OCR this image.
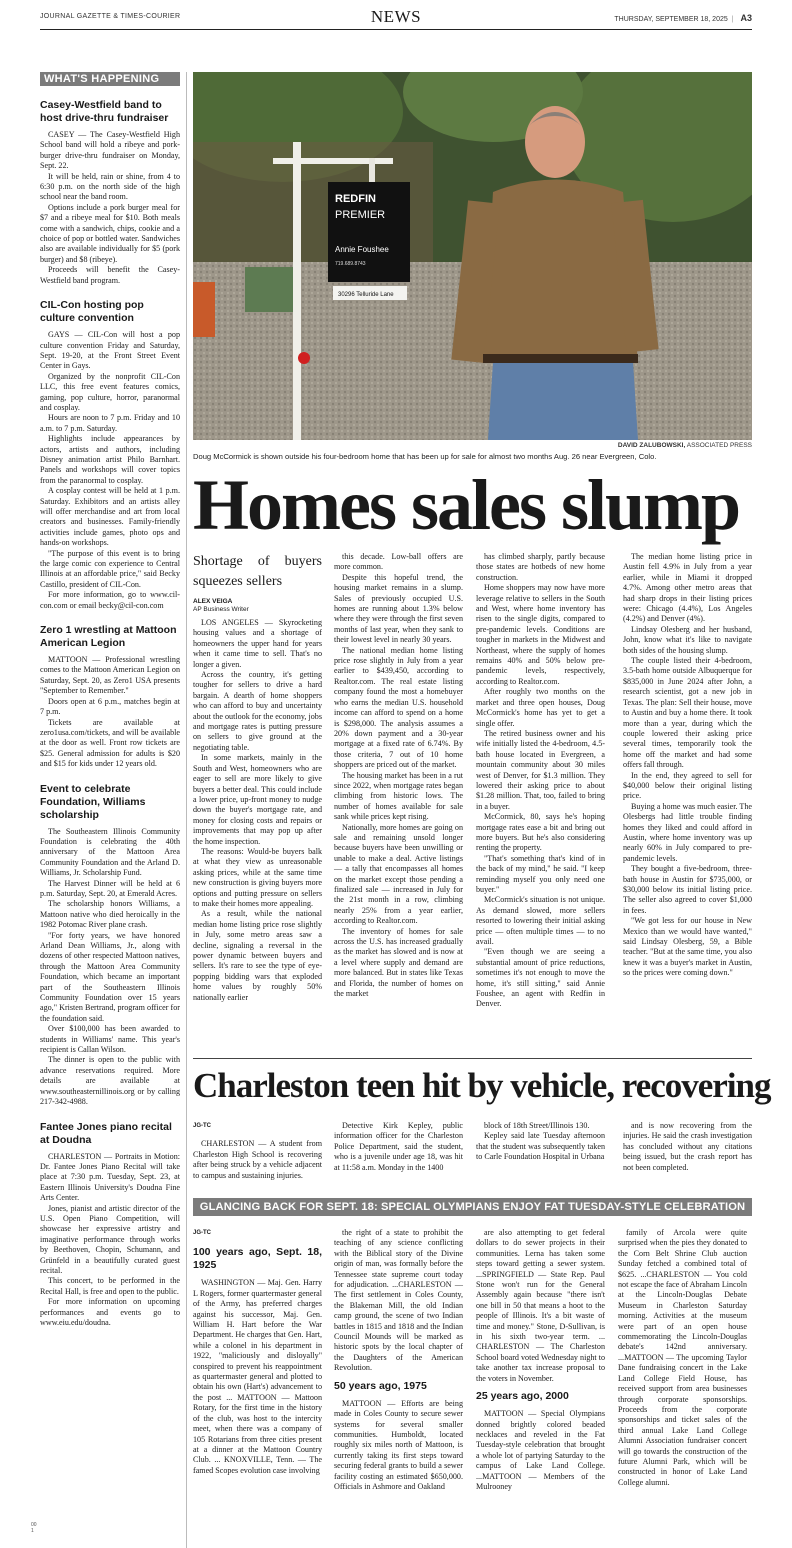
JOURNAL GAZETTE & TIMES-COURIER	NEWS	THURSDAY, SEPTEMBER 18, 2025 | A3
WHAT'S HAPPENING
Casey-Westfield band to host drive-thru fundraiser

CASEY — The Casey-Westfield High School band will hold a ribeye and pork-burger drive-thru fundraiser on Monday, Sept. 22.

It will be held, rain or shine, from 4 to 6:30 p.m. on the north side of the high school near the band room.

Options include a pork burger meal for $7 and a ribeye meal for $10. Both meals come with a sandwich, chips, cookie and a choice of pop or bottled water. Sandwiches also are available individually for $5 (pork burger) and $8 (ribeye).

Proceeds will benefit the Casey-Westfield band program.

CIL-Con hosting pop culture convention

GAYS — CIL-Con will host a pop culture convention Friday and Saturday, Sept. 19-20, at the Front Street Event Center in Gays.

Organized by the nonprofit CIL-Con LLC, this free event features comics, gaming, pop culture, horror, paranormal and cosplay.

Hours are noon to 7 p.m. Friday and 10 a.m. to 7 p.m. Saturday.

Highlights include appearances by actors, artists and authors, including Disney animation artist Philo Barnhart. Panels and workshops will cover topics from the paranormal to cosplay.

A cosplay contest will be held at 1 p.m. Saturday. Exhibitors and an artists alley will offer merchandise and art from local creators and businesses. Family-friendly activities include games, photo ops and hands-on workshops.

"The purpose of this event is to bring the large comic con experience to Central Illinois at an affordable price," said Becky Castillo, president of CIL-Con.

For more information, go to www.cil-con.com or email becky@cil-con.com

Zero 1 wrestling at Mattoon American Legion

MATTOON — Professional wrestling comes to the Mattoon American Legion on Saturday, Sept. 20, as Zero1 USA presents "September to Remember."

Doors open at 6 p.m., matches begin at 7 p.m.

Tickets are available at zero1usa.com/tickets, and will be available at the door as well. Front row tickets are $25. General admission for adults is $20 and $15 for kids under 12 years old.

Event to celebrate Foundation, Williams scholarship

The Southeastern Illinois Community Foundation is celebrating the 40th anniversary of the Mattoon Area Community Foundation and the Arland D. Williams, Jr. Scholarship Fund.

The Harvest Dinner will be held at 6 p.m. Saturday, Sept. 20, at Emerald Acres.

The scholarship honors Williams, a Mattoon native who died heroically in the 1982 Potomac River plane crash.

"For forty years, we have honored Arland Dean Williams, Jr., along with dozens of other respected Mattoon natives, through the Mattoon Area Community Foundation, which became an important part of the Southeastern Illinois Community Foundation over 15 years ago," Kristen Bertrand, program officer for the foundation said.

Over $100,000 has been awarded to students in Williams' name. This year's recipient is Callan Wilson.

The dinner is open to the public with advance reservations required. More details are available at www.southeasternillinois.org or by calling 217-342-4988.

Fantee Jones piano recital at Doudna

CHARLESTON — Portraits in Motion: Dr. Fantee Jones Piano Recital will take place at 7:30 p.m. Tuesday, Sept. 23, at Eastern Illinois University's Doudna Fine Arts Center.

Jones, pianist and artistic director of the U.S. Open Piano Competition, will showcase her expressive artistry and imaginative performance through works by Beethoven, Chopin, Schumann, and Grünfeld in a beautifully curated guest recital.

This concert, to be performed in the Recital Hall, is free and open to the public.

For more information on upcoming performances and events go to www.eiu.edu/doudna.

REDFIN
PREMIER
Annie Foushee
719.689.8743
30296 Telluride Lane
DAVID ZALUBOWSKI, ASSOCIATED PRESS
Doug McCormick is shown outside his four-bedroom home that has been up for sale for almost two months Aug. 26 near Evergreen, Colo.
Homes sales slump
Shortage of buyers squeezes sellers
ALEX VEIGA
AP Business Writer

LOS ANGELES — Skyrocketing housing values and a shortage of homeowners the upper hand for years when it came time to sell. That's no longer a given.

Across the country, it's getting tougher for sellers to drive a hard bargain. A dearth of home shoppers who can afford to buy and uncertainty about the outlook for the economy, jobs and mortgage rates is putting pressure on sellers to give ground at the negotiating table.

In some markets, mainly in the South and West, homeowners who are eager to sell are more likely to give buyers a better deal. This could include a lower price, up-front money to nudge down the buyer's mortgage rate, and money for closing costs and repairs or improvements that may pop up after the home inspection.

The reasons: Would-be buyers balk at what they view as unreasonable asking prices, while at the same time new construction is giving buyers more options and putting pressure on sellers to make their homes more appealing.

As a result, while the national median home listing price rose slightly in July, some metro areas saw a decline, signaling a reversal in the power dynamic between buyers and sellers. It's rare to see the type of eye-popping bidding wars that exploded home values by roughly 50% nationally earlier

this decade. Low-ball offers are more common.

Despite this hopeful trend, the housing market remains in a slump. Sales of previously occupied U.S. homes are running about 1.3% below where they were through the first seven months of last year, when they sank to their lowest level in nearly 30 years.

The national median home listing price rose slightly in July from a year earlier to $439,450, according to Realtor.com. The real estate listing company found the most a homebuyer who earns the median U.S. household income can afford to spend on a home is $298,000. The analysis assumes a 20% down payment and a 30-year mortgage at a fixed rate of 6.74%. By those criteria, 7 out of 10 home shoppers are priced out of the market.

The housing market has been in a rut since 2022, when mortgage rates began climbing from historic lows. The number of homes available for sale sank while prices kept rising.

Nationally, more homes are going on sale and remaining unsold longer because buyers have been unwilling or unable to make a deal. Active listings — a tally that encompasses all homes on the market except those pending a finalized sale — increased in July for the 21st month in a row, climbing nearly 25% from a year earlier, according to Realtor.com.

The inventory of homes for sale across the U.S. has increased gradually as the market has slowed and is now at a level where supply and demand are more balanced. But in states like Texas and Florida, the number of homes on the market

has climbed sharply, partly because those states are hotbeds of new home construction.

Home shoppers may now have more leverage relative to sellers in the South and West, where home inventory has risen to the single digits, compared to pre-pandemic levels. Conditions are tougher in markets in the Midwest and Northeast, where the supply of homes remains 40% and 50% below pre-pandemic levels, respectively, according to Realtor.com.

After roughly two months on the market and three open houses, Doug McCormick's home has yet to get a single offer.

The retired business owner and his wife initially listed the 4-bedroom, 4.5-bath house located in Evergreen, a mountain community about 30 miles west of Denver, for $1.3 million. They lowered their asking price to about $1.28 million. That, too, failed to bring in a buyer.

McCormick, 80, says he's hoping mortgage rates ease a bit and bring out more buyers. But he's also considering renting the property.

"That's something that's kind of in the back of my mind," he said. "I keep reminding myself you only need one buyer."

McCormick's situation is not unique. As demand slowed, more sellers resorted to lowering their initial asking price — often multiple times — to no avail.

"Even though we are seeing a substantial amount of price reductions, sometimes it's not enough to move the home, it's still sitting," said Annie Foushee, an agent with Redfin in Denver.

The median home listing price in Austin fell 4.9% in July from a year earlier, while in Miami it dropped 4.7%. Among other metro areas that had sharp drops in their listing prices were: Chicago (4.4%), Los Angeles (4.2%) and Denver (4%).

Lindsay Olesberg and her husband, John, know what it's like to navigate both sides of the housing slump.

The couple listed their 4-bedroom, 3.5-bath home outside Albuquerque for $835,000 in June 2024 after John, a research scientist, got a new job in Texas. The plan: Sell their house, move to Austin and buy a home there. It took more than a year, during which the couple lowered their asking price several times, temporarily took the home off the market and had some offers fall through.

In the end, they agreed to sell for $40,000 below their original listing price.

Buying a home was much easier. The Olesbergs had little trouble finding homes they liked and could afford in Austin, where home inventory was up nearly 60% in July compared to pre-pandemic levels.

They bought a five-bedroom, three-bath house in Austin for $735,000, or $30,000 below its initial listing price. The seller also agreed to cover $1,000 in fees.

"We got less for our house in New Mexico than we would have wanted," said Lindsay Olesberg, 59, a Bible teacher. "But at the same time, you also knew it was a buyer's market in Austin, so the prices were coming down."

Charleston teen hit by vehicle, recovering
JG-TC

CHARLESTON — A student from Charleston High School is recovering after being struck by a vehicle adjacent to campus and sustaining injuries.

Detective Kirk Kepley, public information officer for the Charleston Police Department, said the student, who is a juvenile under age 18, was hit at 11:58 a.m. Monday in the 1400

block of 18th Street/Illinois 130.

Kepley said late Tuesday afternoon that the student was subsequently taken to Carle Foundation Hospital in Urbana

and is now recovering from the injuries. He said the crash investigation has concluded without any citations being issued, but the crash report has not been completed.

GLANCING BACK FOR SEPT. 18: SPECIAL OLYMPIANS ENJOY FAT TUESDAY-STYLE CELEBRATION
JG-TC
100 years ago, Sept. 18, 1925

WASHINGTON — Maj. Gen. Harry L Rogers, former quartermaster general of the Army, has preferred charges against his successor, Maj. Gen. William H. Hart before the War Department. He charges that Gen. Hart, while a colonel in his department in 1922, "maliciously and disloyally" conspired to prevent his reappointment as quartermaster general and plotted to obtain his own (Hart's) advancement to the post ... MATTOON — Mattoon Rotary, for the first time in the history of the club, was host to the intercity meet, when there was a company of 105 Rotarians from three cities present at a dinner at the Mattoon Country Club. ... KNOXVILLE, Tenn. — The famed Scopes evolution case involving

the right of a state to prohibit the teaching of any science conflicting with the Biblical story of the Divine origin of man, was formally before the Tennessee state supreme court today for adjudication. ...CHARLESTON — The first settlement in Coles County, the Blakeman Mill, the old Indian camp ground, the scene of two Indian battles in 1815 and 1818 and the Indian Council Mounds will be marked as historic spots by the local chapter of the Daughters of the American Revolution.

50 years ago, 1975

MATTOON — Efforts are being made in Coles County to secure sewer systems for several smaller communities. Humboldt, located roughly six miles north of Mattoon, is currently taking its first steps toward securing federal grants to build a sewer facility costing an estimated $650,000. Officials in Ashmore and Oakland

are also attempting to get federal dollars to do sewer projects in their communities. Lerna has taken some steps toward getting a sewer system. ...SPRINGFIELD — State Rep. Paul Stone won't run for the General Assembly again because "there isn't one bill in 50 that means a hoot to the people of Illinois. It's a bit waste of time and money." Stone, D-Sullivan, is in his sixth two-year term. ... CHARLESTON — The Charleston School board voted Wednesday night to take another tax increase proposal to the voters in November.

25 years ago, 2000

MATTOON — Special Olympians donned brightly colored beaded necklaces and reveled in the Fat Tuesday-style celebration that brought a whole lot of partying Saturday to the campus of Lake Land College. ...MATTOON — Members of the Mulrooney

family of Arcola were quite surprised when the pies they donated to the Corn Belt Shrine Club auction Sunday fetched a combined total of $625. ...CHARLESTON — You cold not escape the face of Abraham Lincoln at the Lincoln-Douglas Debate Museum in Charleston Saturday morning. Activities at the museum were part of an open house commemorating the Lincoln-Douglas debate's 142nd anniversary. ...MATTOON — The upcoming Taylor Dane fundraising concert in the Lake Land College Field House, has received support from area businesses through corporate sponsorships. Proceeds from the corporate sponsorships and ticket sales of the third annual Lake Land College Alumni Association fundraiser concert will go towards the construction of the future Alumni Park, which will be constructed in honor of Lake Land College alumni.

00
1
